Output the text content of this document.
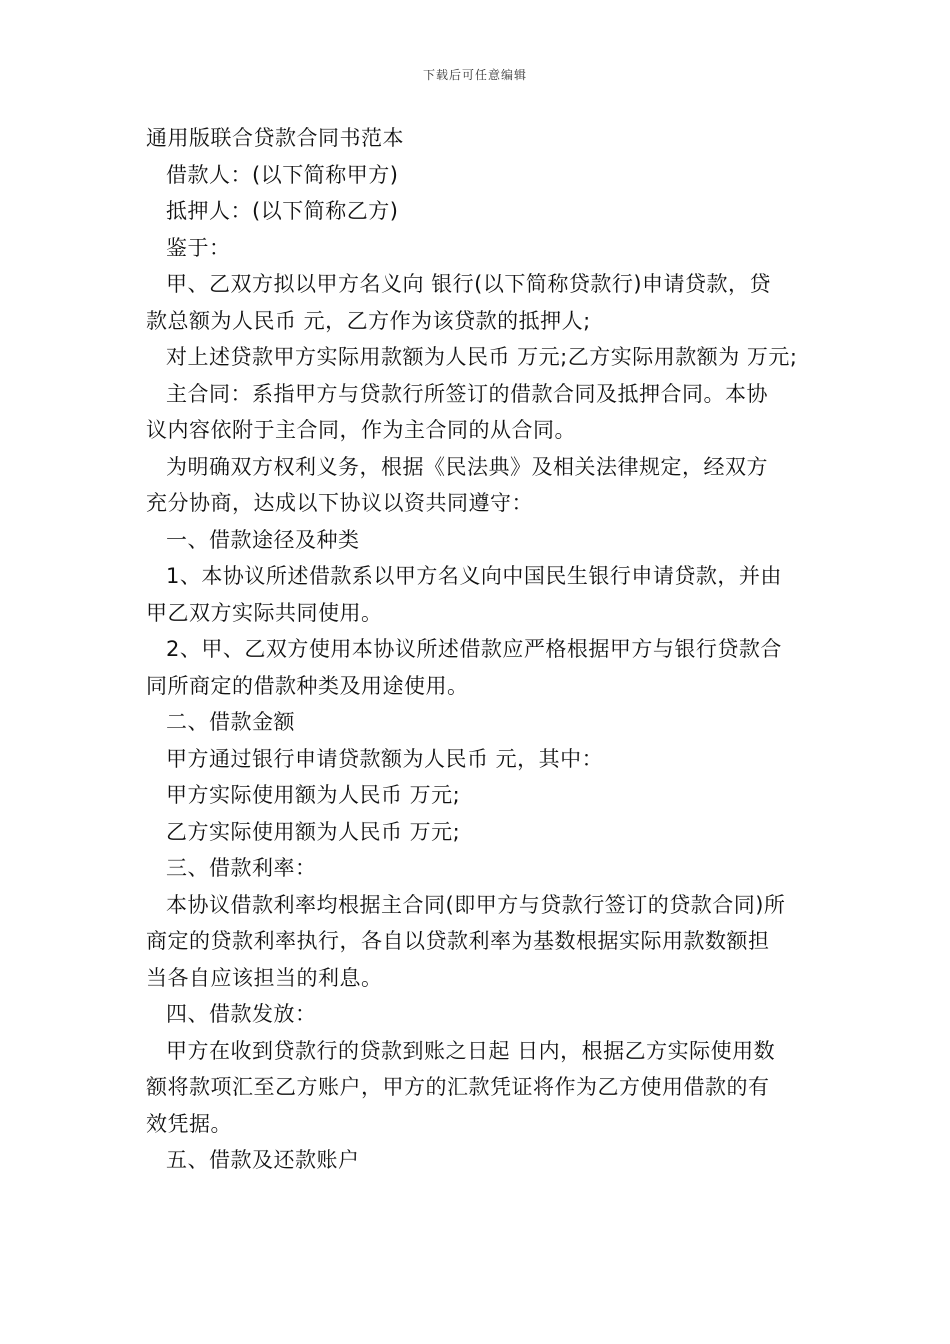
下载后可任意编辑
通用版联合贷款合同书范本
借款人：(以下简称甲方)
抵押人：(以下简称乙方)
鉴于：
甲、乙双方拟以甲方名义向 银行(以下简称贷款行)申请贷款，贷
款总额为人民币 元，乙方作为该贷款的抵押人;
对上述贷款甲方实际用款额为人民币 万元;乙方实际用款额为 万元;
主合同：系指甲方与贷款行所签订的借款合同及抵押合同。本协
议内容依附于主合同，作为主合同的从合同。
为明确双方权利义务，根据《民法典》及相关法律规定，经双方
充分协商，达成以下协议以资共同遵守：
一、借款途径及种类
1、本协议所述借款系以甲方名义向中国民生银行申请贷款，并由
甲乙双方实际共同使用。
2、甲、乙双方使用本协议所述借款应严格根据甲方与银行贷款合
同所商定的借款种类及用途使用。
二、借款金额
甲方通过银行申请贷款额为人民币 元，其中：
甲方实际使用额为人民币 万元;
乙方实际使用额为人民币 万元;
三、借款利率：
本协议借款利率均根据主合同(即甲方与贷款行签订的贷款合同)所
商定的贷款利率执行，各自以贷款利率为基数根据实际用款数额担
当各自应该担当的利息。
四、借款发放：
甲方在收到贷款行的贷款到账之日起 日内，根据乙方实际使用数
额将款项汇至乙方账户，甲方的汇款凭证将作为乙方使用借款的有
效凭据。
五、借款及还款账户
